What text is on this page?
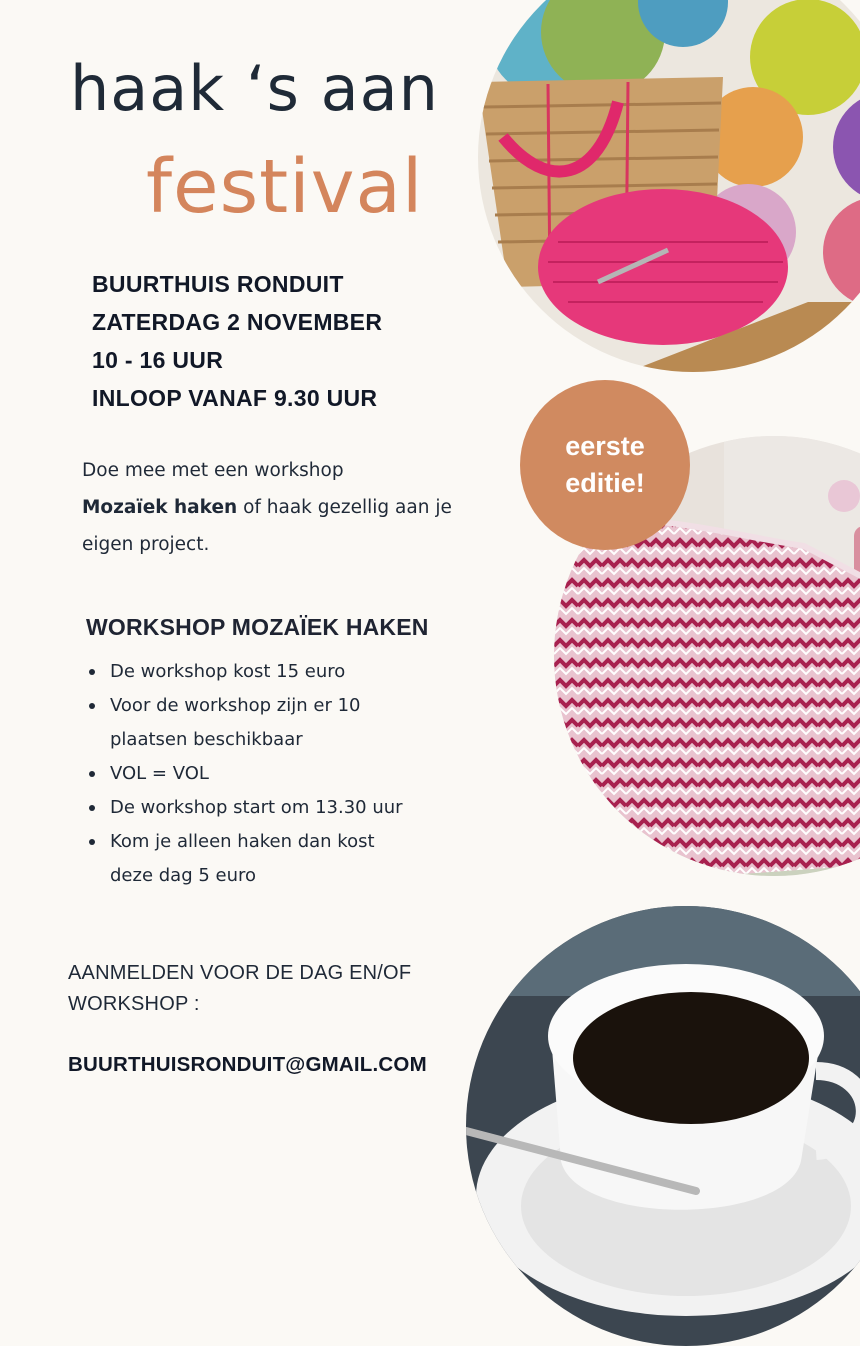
haak ‘s aan
festival
BUURTHUIS RONDUIT
ZATERDAG 2 NOVEMBER
10 - 16 UUR
INLOOP VANAF 9.30 UUR

Doe mee met een workshop
Mozaïek haken of haak gezellig aan je eigen project.

WORKSHOP MOZAÏEK HAKEN
De workshop kost 15 euro
Voor de workshop zijn er 10 plaatsen beschikbaar
VOL = VOL
De workshop start om 13.30 uur
Kom je alleen haken dan kost deze dag 5 euro
AANMELDEN VOOR DE DAG EN/OF WORKSHOP :
BUURTHUISRONDUIT@GMAIL.COM
eerste
editie!
